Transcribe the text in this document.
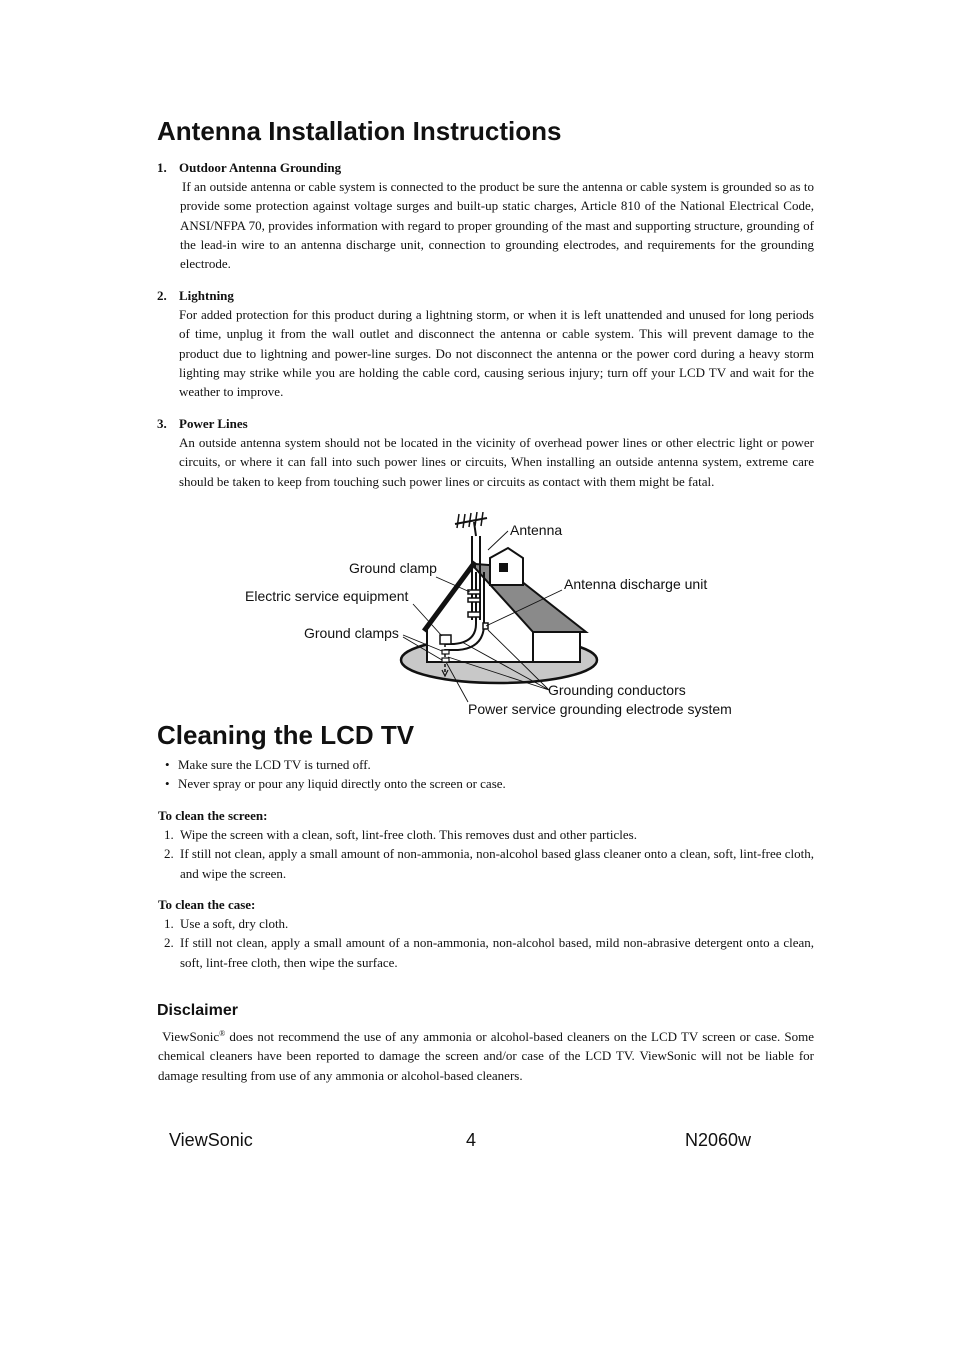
Antenna Installation Instructions
1. Outdoor Antenna Grounding

If an outside antenna or cable system is connected to the product be sure the antenna or cable system is grounded so as to provide some protection against voltage surges and built-up static charges, Article 810 of the National Electrical Code, ANSI/NFPA 70, provides information with regard to proper grounding of the mast and supporting structure, grounding of the lead-in wire to an antenna discharge unit, connection to grounding electrodes, and requirements for the grounding electrode.

2. Lightning

For added protection for this product during a lightning storm, or when it is left unattended and unused for long periods of time, unplug it from the wall outlet and disconnect the antenna or cable system. This will prevent damage to the product due to lightning and power-line surges. Do not disconnect the antenna or the power cord during a heavy storm lighting may strike while you are holding the cable cord, causing serious injury; turn off your LCD TV and wait for the weather to improve.

3. Power Lines

An outside antenna system should not be located in the vicinity of overhead power lines or other electric light or power circuits, or where it can fall into such power lines or circuits, When installing an outside antenna system, extreme care should be taken to keep from touching such power lines or circuits as contact with them might be fatal.

Antenna
Ground clamp
Antenna discharge unit
Electric service equipment
Ground clamps
Grounding conductors
Power service grounding electrode system
Cleaning the LCD TV
• Make sure the LCD TV is turned off.
• Never spray or pour any liquid directly onto the screen or case.
To clean the screen:
1. Wipe the screen with a clean, soft, lint-free cloth. This removes dust and other particles.
2. If still not clean, apply a small amount of non-ammonia, non-alcohol based glass cleaner onto a clean, soft, lint-free cloth, and wipe the screen.
To clean the case:
1. Use a soft, dry cloth.
2. If still not clean, apply a small amount of a non-ammonia, non-alcohol based, mild non-abrasive detergent onto a clean, soft, lint-free cloth, then wipe the surface.
Disclaimer

ViewSonic® does not recommend the use of any ammonia or alcohol-based cleaners on the LCD TV screen or case. Some chemical cleaners have been reported to damage the screen and/or case of the LCD TV. ViewSonic will not be liable for damage resulting from use of any ammonia or alcohol-based cleaners.

ViewSonic	4	N2060w
